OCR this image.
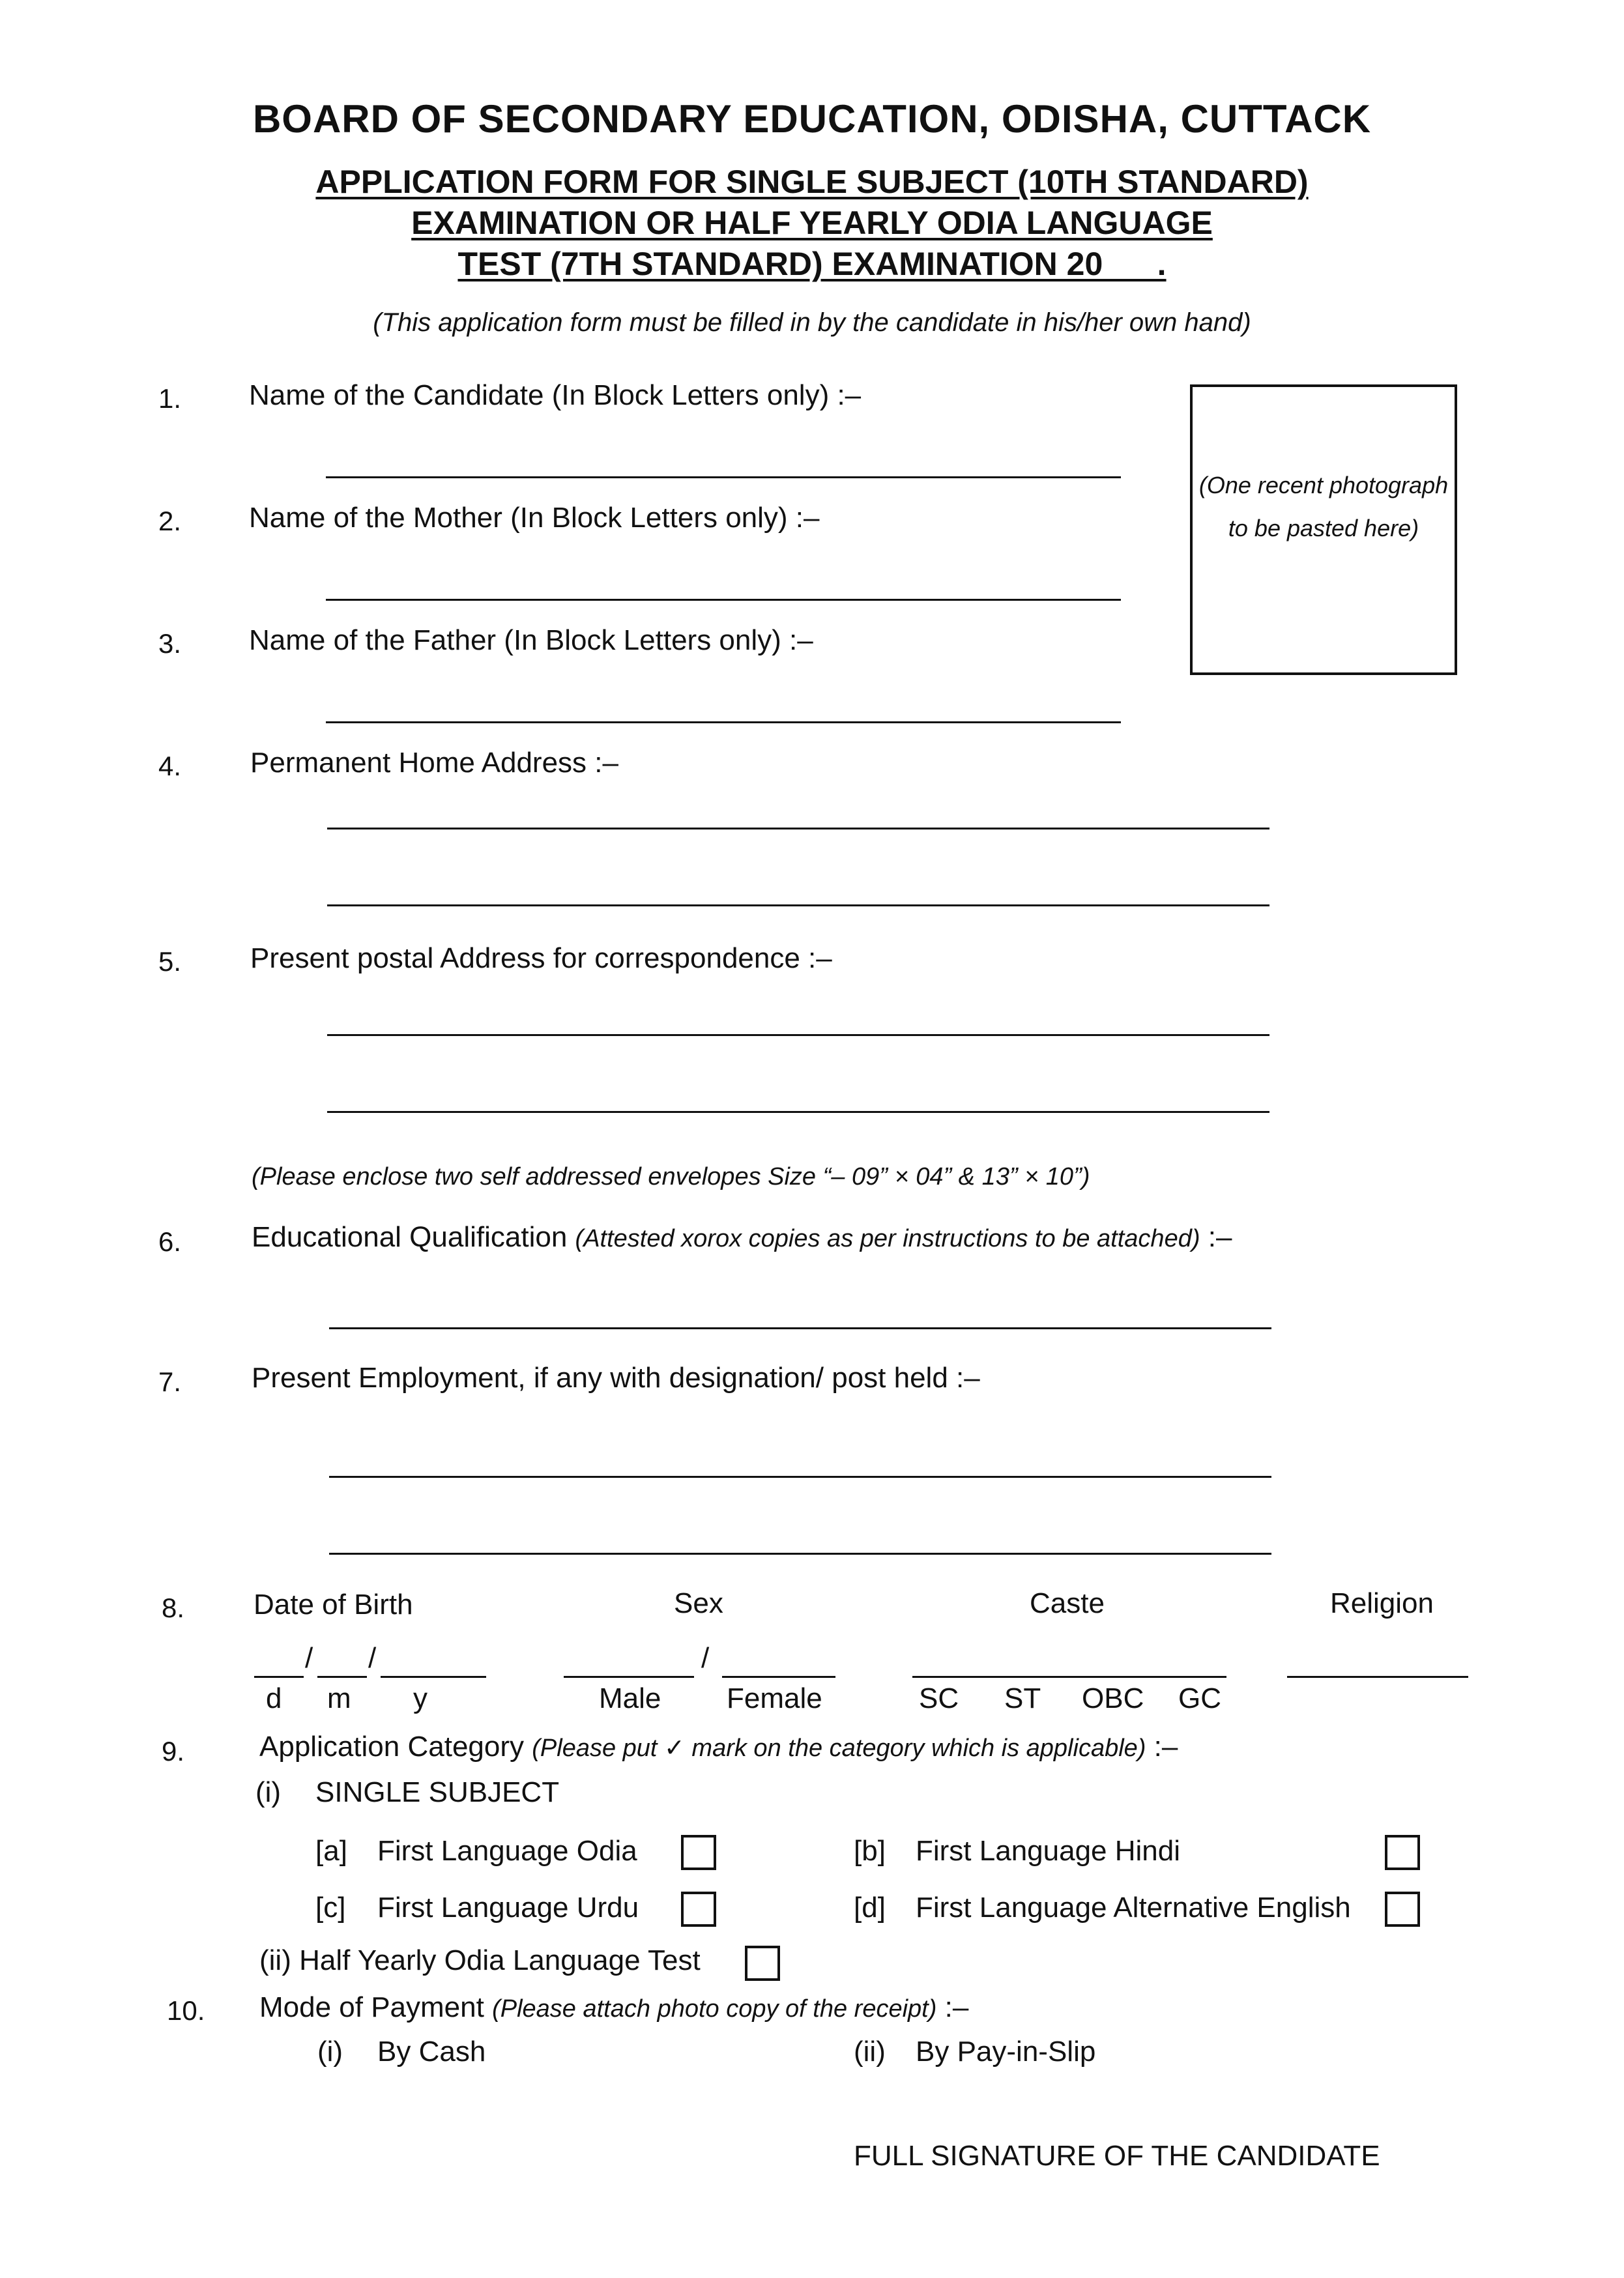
BOARD OF SECONDARY EDUCATION, ODISHA, CUTTACK
APPLICATION FORM FOR SINGLE SUBJECT (10TH STANDARD)
EXAMINATION OR HALF YEARLY ODIA LANGUAGE
TEST (7TH STANDARD) EXAMINATION 20      .
(This application form must be filled in by the candidate in his/her own hand)
(One recent photograph
to be pasted here)
1. Name of the Candidate (In Block Letters only) :–
2. Name of the Mother (In Block Letters only) :–
3. Name of the Father (In Block Letters only) :–
4. Permanent Home Address :–
5. Present postal Address for correspondence :–
(Please enclose two self addressed envelopes Size “– 09” × 04” & 13” × 10”)
6. Educational Qualification (Attested xorox copies as per instructions to be attached) :–
7. Present Employment, if any with designation/ post held :–
8. Date of Birth	Sex	Caste	Religion
/ /	/
d m y	Male Female	SC ST OBC GC
9.	Application Category (Please put ✓ mark on the category which is applicable) :–
(i) SINGLE SUBJECT
[a] First Language Odia	[b] First Language Hindi
[c] First Language Urdu	[d] First Language Alternative English
(ii) Half Yearly Odia Language Test
10. Mode of Payment (Please attach photo copy of the receipt) :–
(i) By Cash	(ii) By Pay-in-Slip
FULL SIGNATURE OF THE CANDIDATE
